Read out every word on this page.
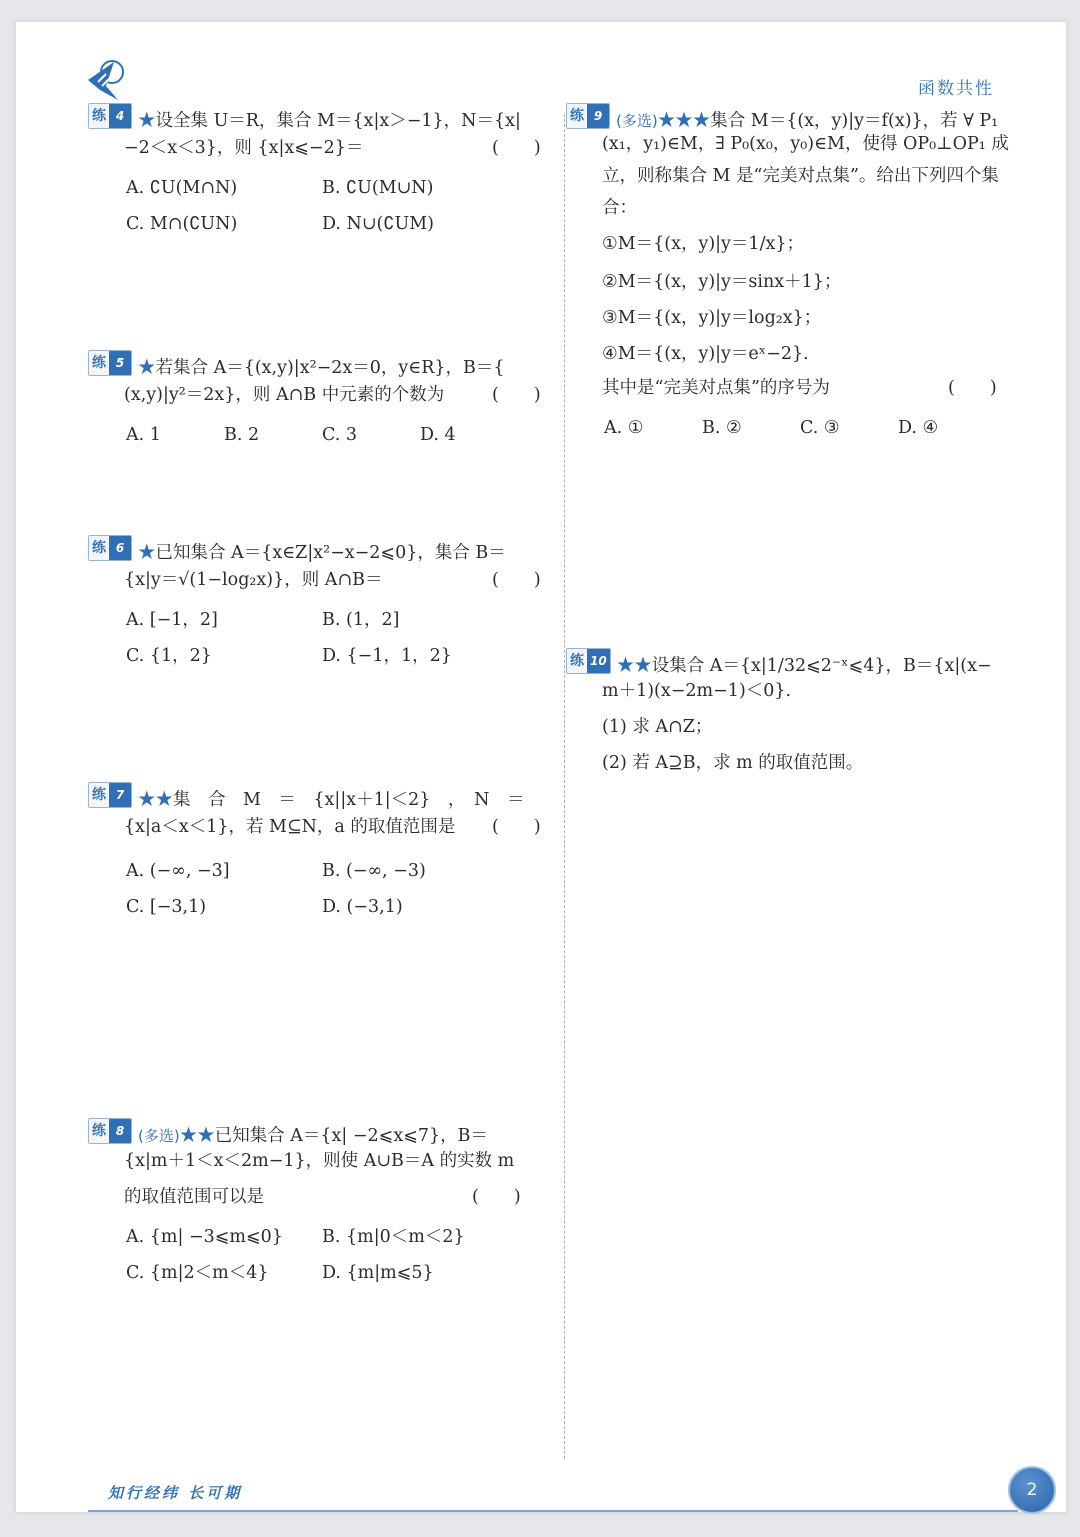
函数共性
练 4 ★设全集 U＝R，集合 M＝{x|x＞−1}，N＝{x|
−2＜x＜3}，则 {x|x⩽−2}＝	(　　)
A. ∁U(M∩N)	B. ∁U(M∪N)
C. M∩(∁UN)	D. N∪(∁UM)
练 5 ★若集合 A＝{(x,y)|x²−2x＝0，y∈R}，B＝{
(x,y)|y²＝2x}，则 A∩B 中元素的个数为	(　　)
A. 1	B. 2	C. 3	D. 4
练 6 ★已知集合 A＝{x∈Z|x²−x−2⩽0}，集合 B＝
{x|y＝√(1−log₂x)}，则 A∩B＝	(　　)
A. [−1，2]	B. (1，2]
C. {1，2}	D. {−1，1，2}
练 7 ★★集　合　M　＝　{x||x＋1|＜2}　，　N　＝
{x|a＜x＜1}，若 M⊆N，a 的取值范围是 (　　)
A. (−∞, −3]	B. (−∞, −3)
C. [−3,1)	D. (−3,1)
练 8 (多选)★★已知集合 A＝{x| −2⩽x⩽7}，B＝
{x|m＋1＜x＜2m−1}，则使 A∪B＝A 的实数 m
的取值范围可以是	(　　)
A. {m| −3⩽m⩽0} B. {m|0＜m＜2}
C. {m|2＜m＜4}	D. {m|m⩽5}
练 9 (多选)★★★集合 M＝{(x，y)|y＝f(x)}，若 ∀ P₁
(x₁，y₁)∈M，∃ P₀(x₀，y₀)∈M，使得 OP₀⊥OP₁ 成
立，则称集合 M 是“完美对点集”。给出下列四个集
合：
①M＝{(x，y)|y＝1/x}；
②M＝{(x，y)|y＝sinx＋1}；
③M＝{(x，y)|y＝log₂x}；
④M＝{(x，y)|y＝eˣ−2}.
其中是“完美对点集”的序号为	(　　)
A. ①	B. ②	C. ③	D. ④
练 10 ★★设集合 A＝{x|1/32⩽2⁻ˣ⩽4}，B＝{x|(x−
m＋1)(x−2m−1)＜0}.
(1) 求 A∩Z；
(2) 若 A⊇B，求 m 的取值范围。
知行经纬 长可期	2
